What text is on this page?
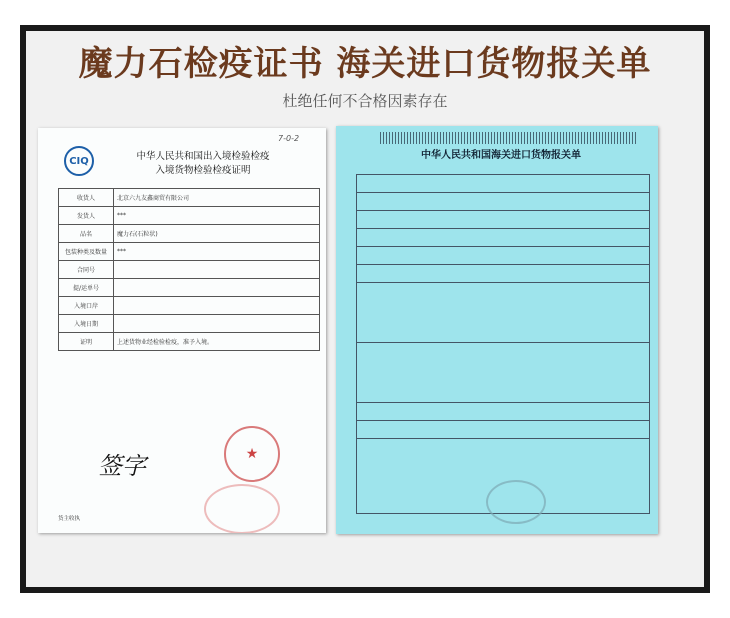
魔力石检疫证书 海关进口货物报关单
杜绝任何不合格因素存在
CIQ	中华人民共和国出入境检验检疫
入境货物检验检疫证明
7-0-2
收货人	北京六九友鑫商贸有限公司
发货人	***
品名	魔力石(石粒状)
包装种类及数量	***
合同号	
提/运单号	
入境口岸	
入境日期	
证明	上述货物业经检验检疫，准予入境。
签字	★
货主收执
中华人民共和国海关进口货物报关单
